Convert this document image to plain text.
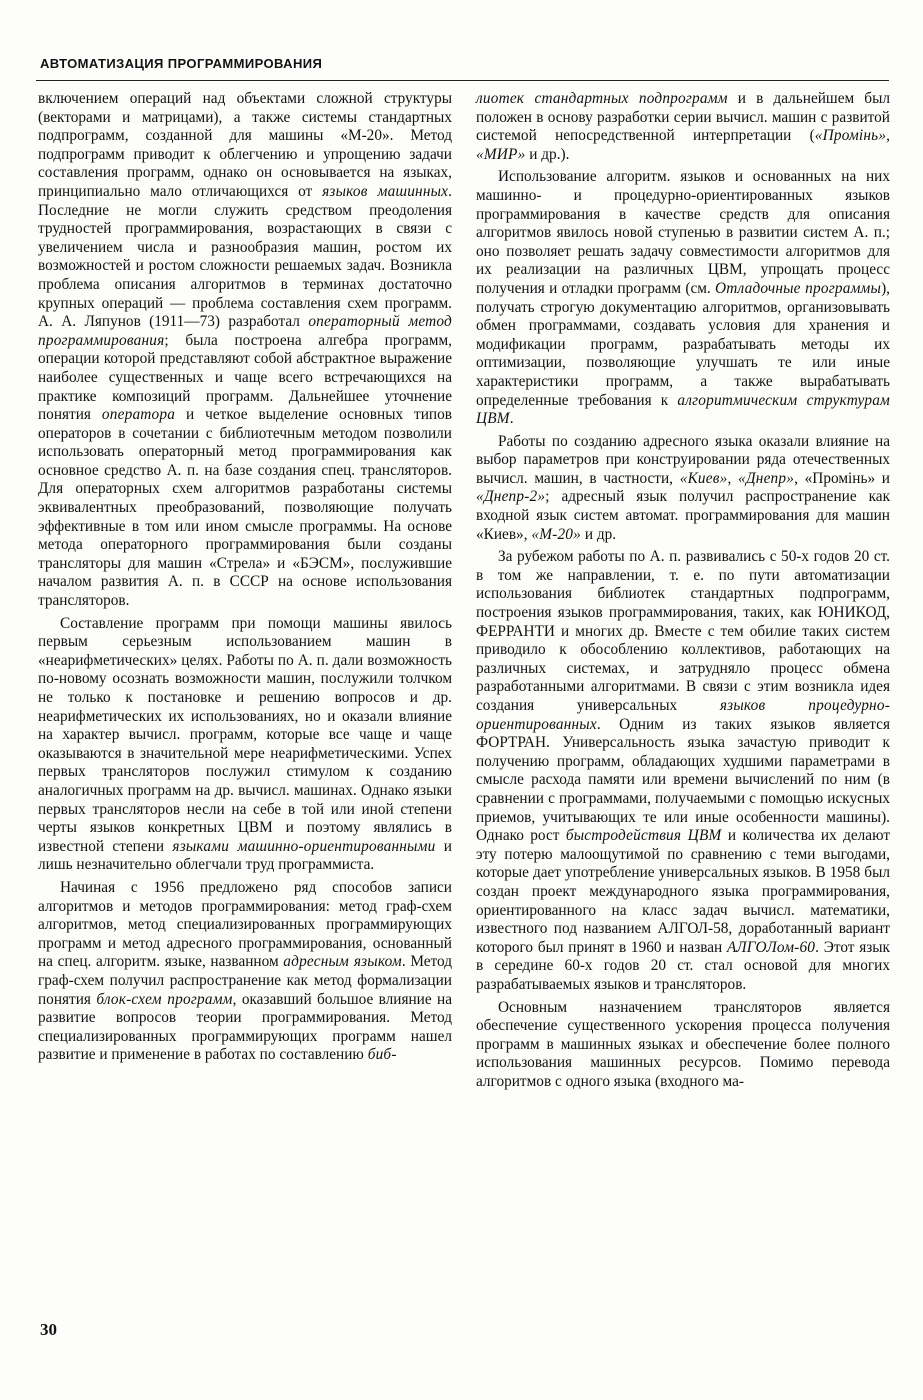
АВТОМАТИЗАЦИЯ ПРОГРАММИРОВАНИЯ

включением операций над объектами сложной структуры (векторами и матрицами), а также системы стандартных подпрограмм, созданной для машины «М-20». Метод подпрограмм приводит к облегчению и упрощению задачи составления программ, однако он основывается на языках, принципиально мало отличающихся от языков машинных. Последние не могли служить средством преодоления трудностей программирования, возрастающих в связи с увеличением числа и разнообразия машин, ростом их возможностей и ростом сложности решаемых задач. Возникла проблема описания алгоритмов в терминах достаточно крупных операций — проблема составления схем программ. А. А. Ляпунов (1911—73) разработал операторный метод программирования; была построена алгебра программ, операции которой представляют собой абстрактное выражение наиболее существенных и чаще всего встречающихся на практике композиций программ. Дальнейшее уточнение понятия оператора и четкое выделение основных типов операторов в сочетании с библиотечным методом позволили использовать операторный метод программирования как основное средство А. п. на базе создания спец. трансляторов. Для операторных схем алгоритмов разработаны системы эквивалентных преобразований, позволяющие получать эффективные в том или ином смысле программы. На основе метода операторного программирования были созданы трансляторы для машин «Стрела» и «БЭСМ», послужившие началом развития А. п. в СССР на основе использования трансляторов.

Составление программ при помощи машины явилось первым серьезным использованием машин в «неарифметических» целях. Работы по А. п. дали возможность по-новому осознать возможности машин, послужили толчком не только к постановке и решению вопросов и др. неарифметических их использованиях, но и оказали влияние на характер вычисл. программ, которые все чаще и чаще оказываются в значительной мере неарифметическими. Успех первых трансляторов послужил стимулом к созданию аналогичных программ на др. вычисл. машинах. Однако языки первых трансляторов несли на себе в той или иной степени черты языков конкретных ЦВМ и поэтому являлись в известной степени языками машинно-ориентированными и лишь незначительно облегчали труд программиста.

Начиная с 1956 предложено ряд способов записи алгоритмов и методов программирования: метод граф-схем алгоритмов, метод специализированных программирующих программ и метод адресного программирования, основанный на спец. алгоритм. языке, названном адресным языком. Метод граф-схем получил распространение как метод формализации понятия блок-схем программ, оказавший большое влияние на развитие вопросов теории программирования. Метод специализированных программирующих программ нашел развитие и применение в работах по составлению биб-

лиотек стандартных подпрограмм и в дальнейшем был положен в основу разработки серии вычисл. машин с развитой системой непосредственной интерпретации («Промінь», «МИР» и др.).

Использование алгоритм. языков и основанных на них машинно- и процедурно-ориентированных языков программирования в качестве средств для описания алгоритмов явилось новой ступенью в развитии систем А. п.; оно позволяет решать задачу совместимости алгоритмов для их реализации на различных ЦВМ, упрощать процесс получения и отладки программ (см. Отладочные программы), получать строгую документацию алгоритмов, организовывать обмен программами, создавать условия для хранения и модификации программ, разрабатывать методы их оптимизации, позволяющие улучшать те или иные характеристики программ, а также вырабатывать определенные требования к алгоритмическим структурам ЦВМ.

Работы по созданию адресного языка оказали влияние на выбор параметров при конструировании ряда отечественных вычисл. машин, в частности, «Киев», «Днепр», «Промінь» и «Днепр-2»; адресный язык получил распространение как входной язык систем автомат. программирования для машин «Киев», «М-20» и др.

За рубежом работы по А. п. развивались с 50-х годов 20 ст. в том же направлении, т. е. по пути автоматизации использования библиотек стандартных подпрограмм, построения языков программирования, таких, как ЮНИКОД, ФЕРРАНТИ и многих др. Вместе с тем обилие таких систем приводило к обособлению коллективов, работающих на различных системах, и затрудняло процесс обмена разработанными алгоритмами. В связи с этим возникла идея создания универсальных языков процедурно-ориентированных. Одним из таких языков является ФОРТРАН. Универсальность языка зачастую приводит к получению программ, обладающих худшими параметрами в смысле расхода памяти или времени вычислений по ним (в сравнении с программами, получаемыми с помощью искусных приемов, учитывающих те или иные особенности машины). Однако рост быстродействия ЦВМ и количества их делают эту потерю малоощутимой по сравнению с теми выгодами, которые дает употребление универсальных языков. В 1958 был создан проект международного языка программирования, ориентированного на класс задач вычисл. математики, известного под названием АЛГОЛ-58, доработанный вариант которого был принят в 1960 и назван АЛГОЛом-60. Этот язык в середине 60-х годов 20 ст. стал основой для многих разрабатываемых языков и трансляторов.

Основным назначением трансляторов является обеспечение существенного ускорения процесса получения программ в машинных языках и обеспечение более полного использования машинных ресурсов. Помимо перевода алгоритмов с одного языка (входного ма-

30
